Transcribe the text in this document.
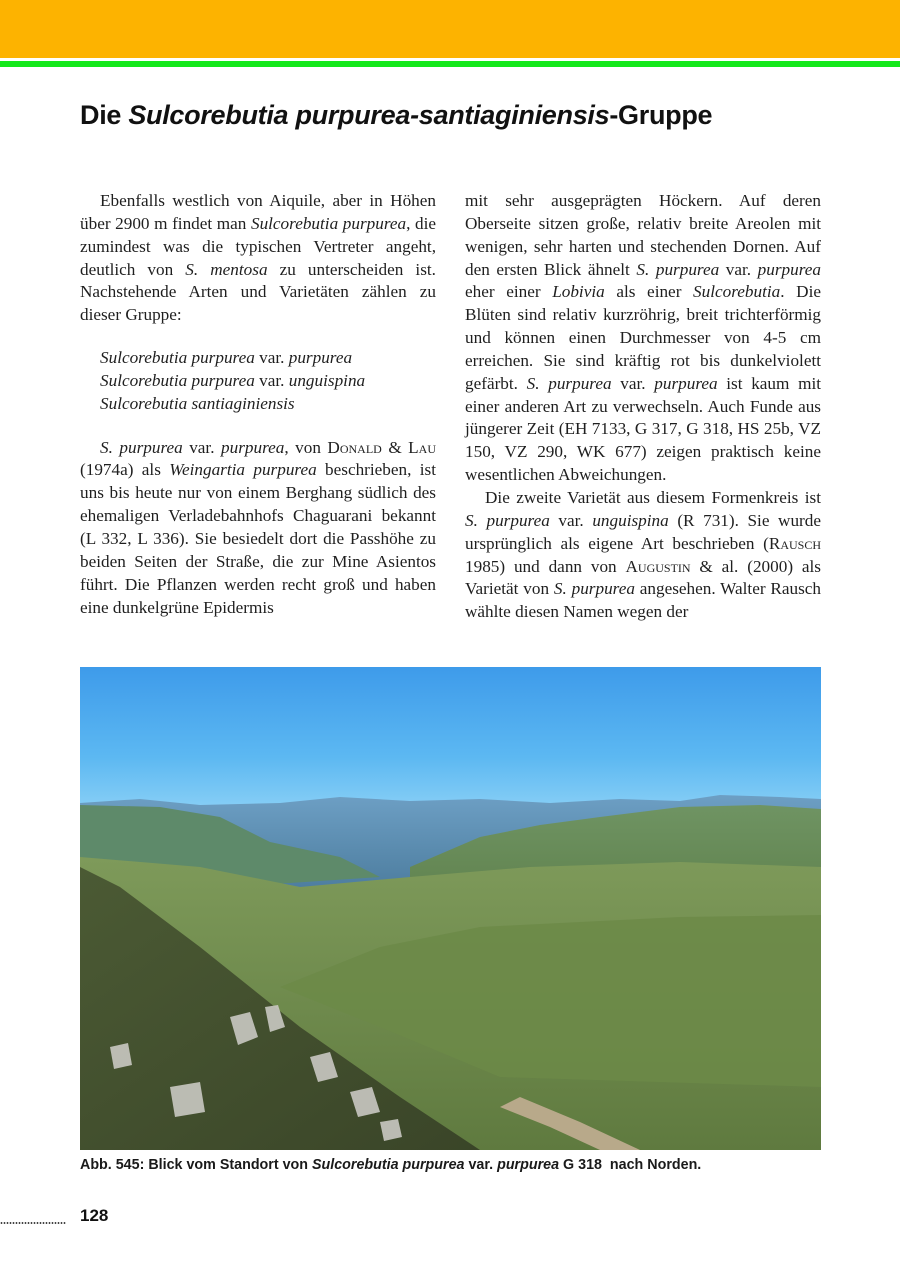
Die Sulcorebutia purpurea-santiaginiensis-Gruppe

Ebenfalls westlich von Aiquile, aber in Höhen über 2900 m findet man Sulcorebutia purpurea, die zumindest was die typischen Vertreter angeht, deutlich von S. mentosa zu unterscheiden ist. Nachstehende Arten und Varietäten zählen zu dieser Gruppe:

Sulcorebutia purpurea var. purpurea
Sulcorebutia purpurea var. unguispina
Sulcorebutia santiaginiensis

S. purpurea var. purpurea, von Donald & Lau (1974a) als Weingartia purpurea beschrieben, ist uns bis heute nur von einem Berghang südlich des ehemaligen Verladebahnhofs Chaguarani bekannt (L 332, L 336). Sie besiedelt dort die Passhöhe zu beiden Seiten der Straße, die zur Mine Asientos führt. Die Pflanzen werden recht groß und haben eine dunkelgrüne Epidermis

mit sehr ausgeprägten Höckern. Auf deren Oberseite sitzen große, relativ breite Areolen mit wenigen, sehr harten und stechenden Dornen. Auf den ersten Blick ähnelt S. purpurea var. purpurea eher einer Lobivia als einer Sulcorebutia. Die Blüten sind relativ kurzröhrig, breit trichterförmig und können einen Durchmesser von 4-5 cm erreichen. Sie sind kräftig rot bis dunkelviolett gefärbt. S. purpurea var. purpurea ist kaum mit einer anderen Art zu verwechseln. Auch Funde aus jüngerer Zeit (EH 7133, G 317, G 318, HS 25b, VZ 150, VZ 290, WK 677) zeigen praktisch keine wesentlichen Abweichungen.

Die zweite Varietät aus diesem Formenkreis ist S. purpurea var. unguispina (R 731). Sie wurde ursprünglich als eigene Art beschrieben (Rausch 1985) und dann von Augustin & al. (2000) als Varietät von S. purpurea angesehen. Walter Rausch wählte diesen Namen wegen der

Abb. 545: Blick vom Standort von Sulcorebutia purpurea var. purpurea G 318  nach Norden.
128
